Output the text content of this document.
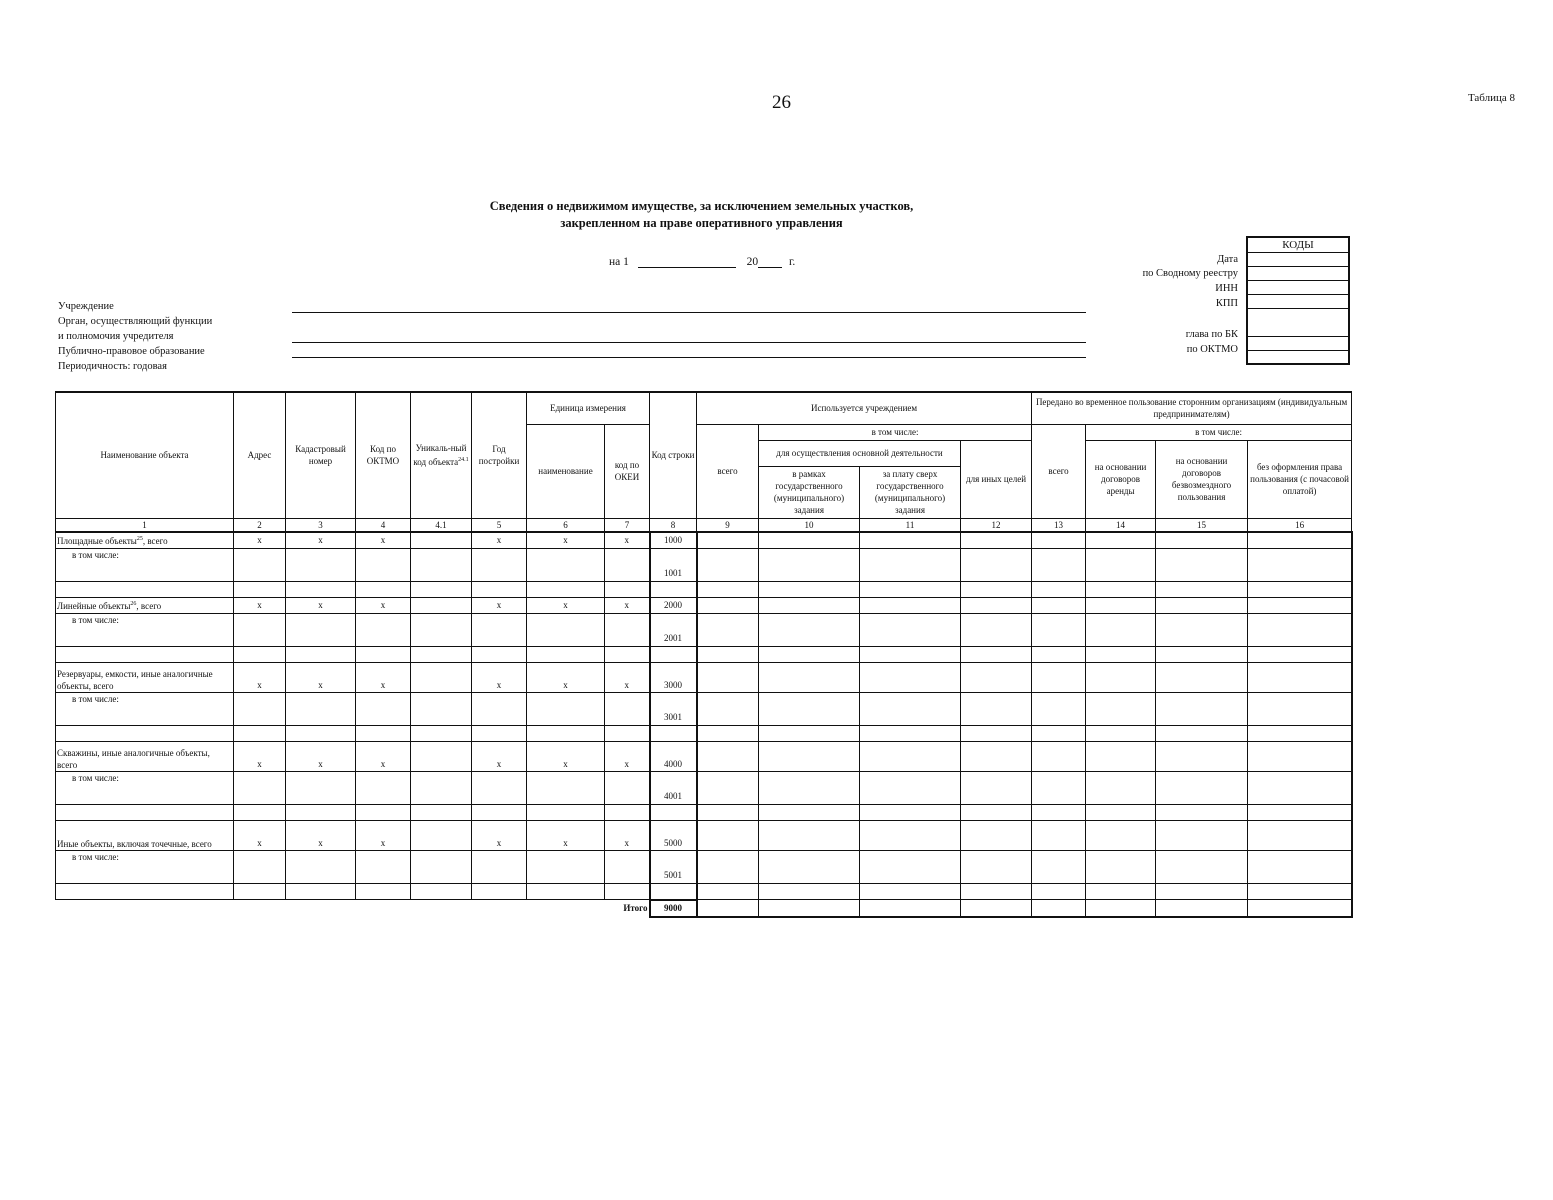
26	Таблица 8
Сведения о недвижимом имуществе, за исключением земельных участков,
закрепленном на праве оперативного управления
на 1	20	г.
Учреждение
Орган, осуществляющий функции
и полномочия учредителя
Публично-правовое образование
Периодичность: годовая
Дата
по Сводному реестру
ИНН
КПП
глава по БК
по ОКТМО
КОДЫ

Наименование объекта	Адрес	Кадастровый номер	Код по ОКТМО	Уникаль-ный код объекта$^{24.1}$	Год постройки	Единица измерения		Код строки	Используется учреждением				Передано во временное пользование сторонним организациям (индивидуальным предпринимателям)			
						наименование	код по ОКЕИ		всего	в том числе:			всего	в том числе:		
										для осуществления основной деятельности		для иных целей		на основании договоров аренды	на основании договоров безвозмездного пользования	без оформления права пользования (с почасовой оплатой)
										в рамках государственного (муниципального) задания	за плату сверх государственного (муниципального) задания					
1	2	3	4	4.1	5	6	7	8	9	10	11	12	13	14	15	16
Площадные объекты$^{25}$, всего	x	x	x		x	x	x	1000								
в том числе:								1001								

Линейные объекты$^{26}$, всего	x	x	x		x	x	x	2000								
в том числе:								2001								

Резервуары, емкости, иные аналогичные объекты, всего	x	x	x		x	x	x	3000								
в том числе:								3001								

Скважины, иные аналогичные объекты, всего	x	x	x		x	x	x	4000								
в том числе:								4001								

Иные объекты, включая точечные, всего	x	x	x		x	x	x	5000								
в том числе:								5001								

Итого								9000								
